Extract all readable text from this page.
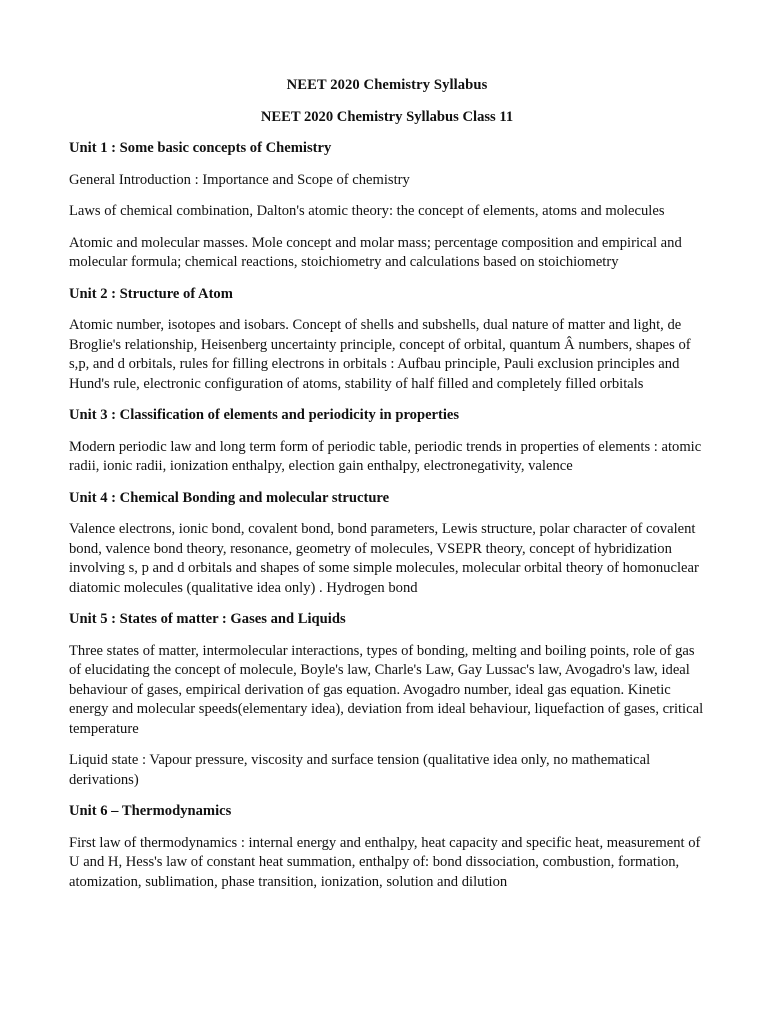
NEET 2020 Chemistry Syllabus
NEET 2020 Chemistry Syllabus Class 11
Unit 1 : Some basic concepts of Chemistry
General Introduction : Importance and Scope of chemistry
Laws of chemical combination, Dalton's atomic theory: the concept of elements, atoms and molecules
Atomic and molecular masses. Mole concept and molar mass; percentage composition and empirical and molecular formula; chemical reactions, stoichiometry and calculations based on stoichiometry
Unit 2 : Structure of Atom
Atomic number, isotopes and isobars. Concept of shells and subshells, dual nature of matter and light, de Broglie's relationship, Heisenberg uncertainty principle, concept of orbital, quantum Â numbers, shapes of s,p, and d orbitals, rules for filling electrons in orbitals : Aufbau principle, Pauli exclusion principles and Hund's rule, electronic configuration of atoms, stability of half filled and completely filled orbitals
Unit 3 : Classification of elements and periodicity in properties
Modern periodic law and long term form of periodic table, periodic trends in properties of elements : atomic radii, ionic radii, ionization enthalpy, election gain enthalpy, electronegativity, valence
Unit 4 : Chemical Bonding and molecular structure
Valence electrons, ionic bond, covalent bond, bond parameters, Lewis structure, polar character of covalent bond, valence bond theory, resonance, geometry of molecules, VSEPR theory, concept of hybridization involving s, p and d orbitals and shapes of some simple molecules, molecular orbital theory of homonuclear diatomic molecules (qualitative idea only) . Hydrogen bond
Unit 5 : States of matter : Gases and Liquids
Three states of matter, intermolecular interactions, types of bonding, melting and boiling points, role of gas of elucidating the concept of molecule, Boyle's law, Charle's Law, Gay Lussac's law, Avogadro's law, ideal behaviour of gases, empirical derivation of gas equation. Avogadro number, ideal gas equation. Kinetic energy and molecular speeds(elementary idea), deviation from ideal behaviour, liquefaction of gases, critical temperature
Liquid state : Vapour pressure, viscosity and surface tension (qualitative idea only, no mathematical derivations)
Unit 6 – Thermodynamics
First law of thermodynamics : internal energy and enthalpy, heat capacity and specific heat, measurement of U and H, Hess's law of constant heat summation, enthalpy of: bond dissociation, combustion, formation, atomization, sublimation, phase transition, ionization, solution and dilution
